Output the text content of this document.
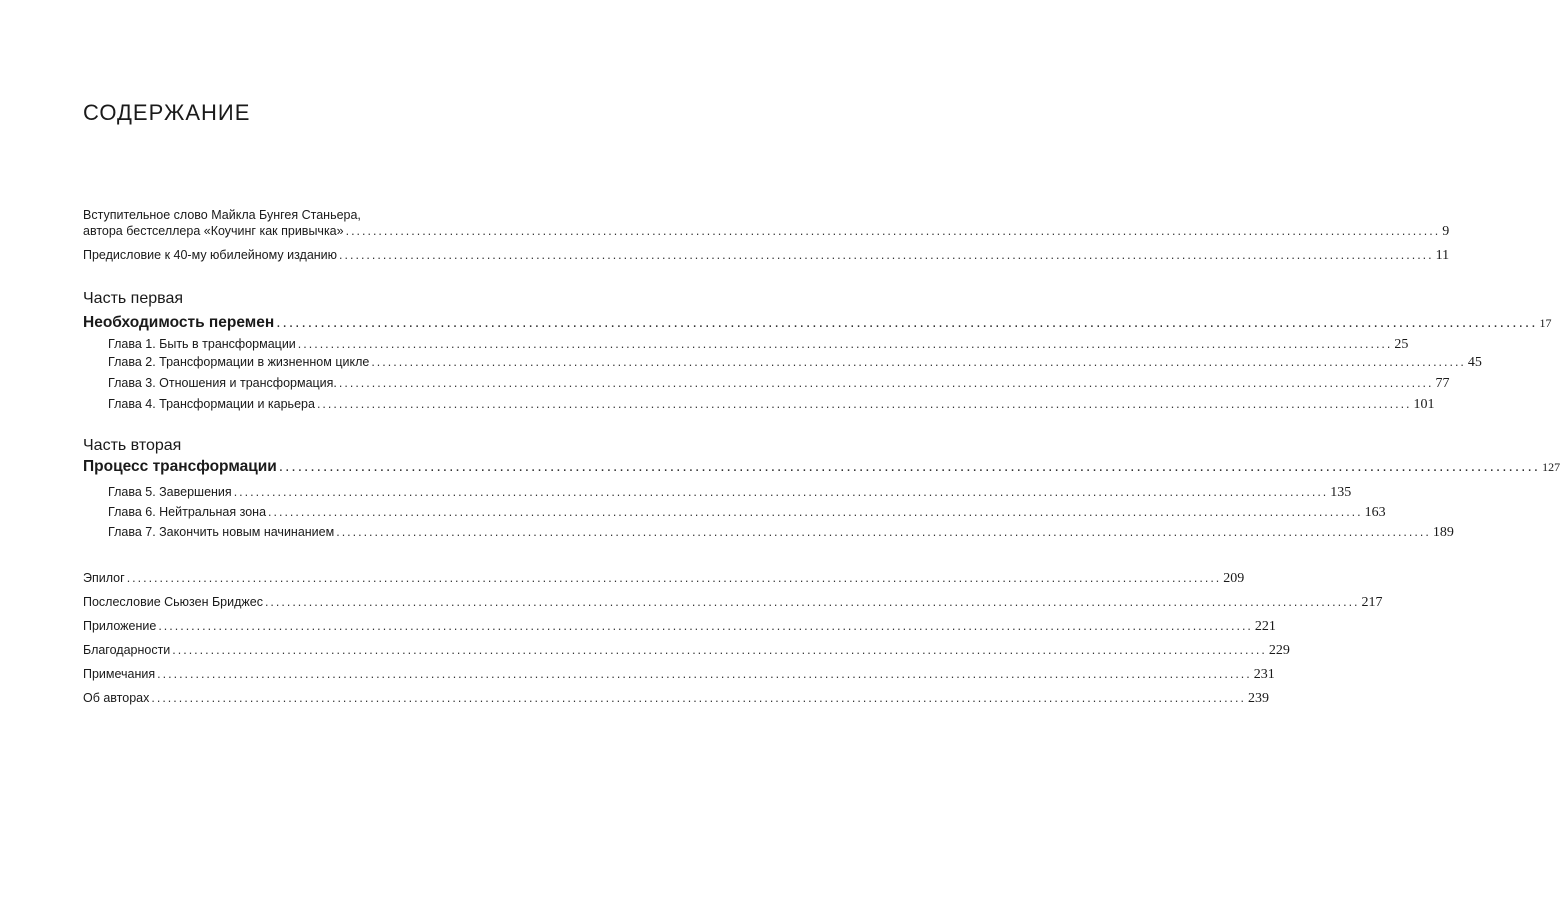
СОДЕРЖАНИЕ
Вступительное слово Майкла Бунгея Станьера,
автора бестселлера «Коучинг как привычка» ........................................................................................................................................................................................................ 9
Предисловие к 40-му юбилейному изданию ........................................................................................................................................................................................................ 11
Часть первая
Необходимость перемен ........................................................................................................................................................................................................ 17
Глава 1. Быть в трансформации ........................................................................................................................................................................................................ 25
Глава 2. Трансформации в жизненном цикле ........................................................................................................................................................................................................ 45
Глава 3. Отношения и трансформация. ........................................................................................................................................................................................................ 77
Глава 4. Трансформации и карьера ........................................................................................................................................................................................................ 101
Часть вторая
Процесс трансформации ........................................................................................................................................................................................................ 127
Глава 5. Завершения ........................................................................................................................................................................................................ 135
Глава 6. Нейтральная зона ........................................................................................................................................................................................................ 163
Глава 7. Закончить новым начинанием ........................................................................................................................................................................................................ 189
Эпилог ........................................................................................................................................................................................................ 209
Послесловие Сьюзен Бриджес ........................................................................................................................................................................................................ 217
Приложение ........................................................................................................................................................................................................ 221
Благодарности ........................................................................................................................................................................................................ 229
Примечания ........................................................................................................................................................................................................ 231
Об авторах ........................................................................................................................................................................................................ 239
